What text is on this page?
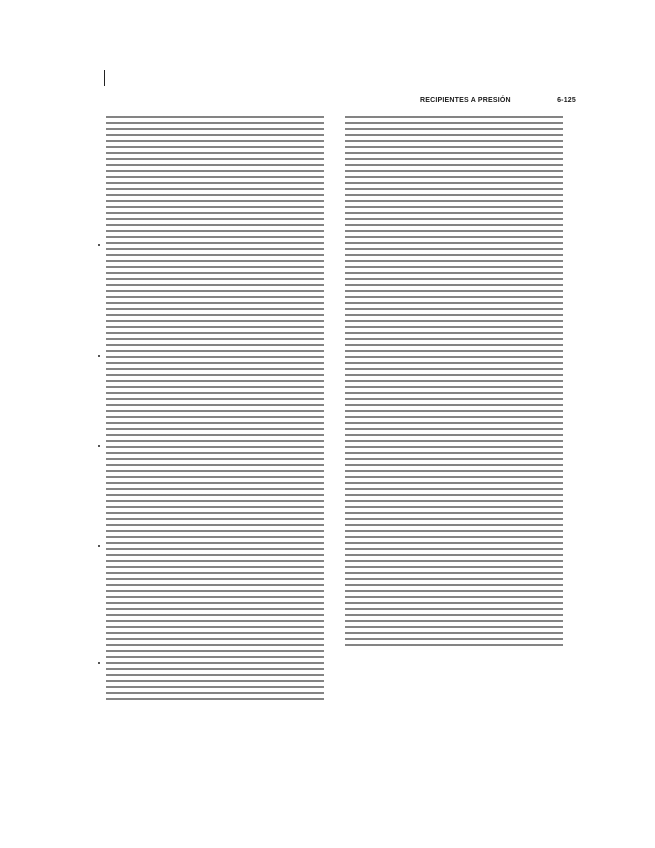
RECIPIENTES A PRESIÓN	6-125
